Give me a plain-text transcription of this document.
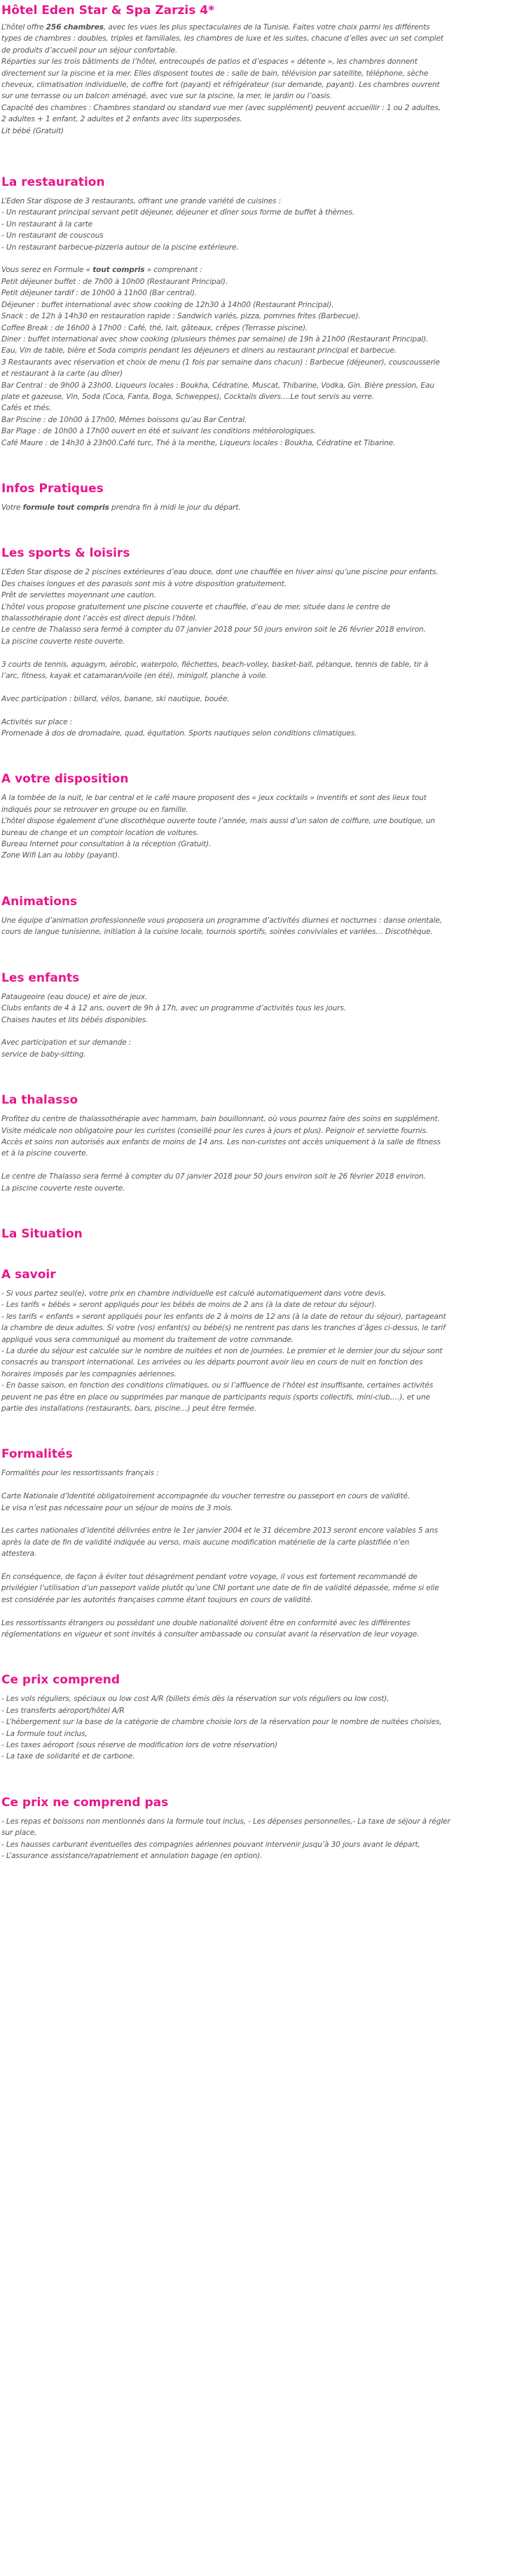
Hôtel Eden Star & Spa Zarzis 4*

L’hôtel offre 256 chambres, avec les vues les plus spectaculaires de la Tunisie. Faites votre choix parmi les différents

types de chambres : doubles, triples et familiales, les chambres de luxe et les suites, chacune d’elles avec un set complet

de produits d’accueil pour un séjour confortable.

Réparties sur les trois bâtiments de l’hôtel, entrecoupés de patios et d’espaces « détente », les chambres donnent

directement sur la piscine et la mer. Elles disposent toutes de : salle de bain, télévision par satellite, téléphone, sèche

cheveux, climatisation individuelle, de coffre fort (payant) et réfrigérateur (sur demande, payant). Les chambres ouvrent

sur une terrasse ou un balcon aménagé, avec vue sur la piscine, la mer, le jardin ou l’oasis.

Capacité des chambres : Chambres standard ou standard vue mer (avec supplément) peuvent accueillir : 1 ou 2 adultes,

2 adultes + 1 enfant, 2 adultes et 2 enfants avec lits superposées.

Lit bébé (Gratuit)

La restauration

L’Eden Star dispose de 3 restaurants, offrant une grande variété de cuisines :

- Un restaurant principal servant petit déjeuner, déjeuner et dîner sous forme de buffet à thèmes.

- Un restaurant à la carte

- Un restaurant de couscous

- Un restaurant barbecue-pizzeria autour de la piscine extérieure.

Vous serez en Formule « tout compris » comprenant :

Petit déjeuner buffet : de 7h00 à 10h00 (Restaurant Principal).

Petit déjeuner tardif : de 10h00 à 11h00 (Bar central).

Déjeuner : buffet international avec show cooking de 12h30 à 14h00 (Restaurant Principal).

Snack : de 12h à 14h30 en restauration rapide : Sandwich variés, pizza, pommes frites (Barbecue).

Coffee Break : de 16h00 à 17h00 : Café, thé, lait, gâteaux, crêpes (Terrasse piscine).

Diner : buffet international avec show cooking (plusieurs thèmes par semaine) de 19h à 21h00 (Restaurant Principal).

Eau, Vin de table, bière et Soda compris pendant les déjeuners et diners au restaurant principal et barbecue.

3 Restaurants avec réservation et choix de menu (1 fois par semaine dans chacun) : Barbecue (déjeuner), couscousserie

et restaurant à la carte (au dîner)

Bar Central : de 9h00 à 23h00. Liqueurs locales : Boukha, Cédratine, Muscat, Thibarine, Vodka, Gin. Bière pression, Eau

plate et gazeuse, Vin, Soda (Coca, Fanta, Boga, Schweppes), Cocktails divers….Le tout servis au verre.

Cafés et thés.

Bar Piscine : de 10h00 à 17h00, Mêmes boissons qu’au Bar Central.

Bar Plage : de 10h00 à 17h00 ouvert en été et suivant les conditions météorologiques.

Café Maure : de 14h30 à 23h00.Café turc, Thé à la menthe, Liqueurs locales : Boukha, Cédratine et Tibarine.

Infos Pratiques

Votre formule tout compris prendra fin à midi le jour du départ.

Les sports & loisirs

L’Eden Star dispose de 2 piscines extérieures d’eau douce, dont une chauffée en hiver ainsi qu’une piscine pour enfants.

Des chaises longues et des parasols sont mis à votre disposition gratuitement.

Prêt de serviettes moyennant une caution.

L’hôtel vous propose gratuitement une piscine couverte et chauffée, d’eau de mer, située dans le centre de

thalassothérapie dont l’accès est direct depuis l’hôtel.

Le centre de Thalasso sera fermé à compter du 07 janvier 2018 pour 50 jours environ soit le 26 février 2018 environ.

La piscine couverte reste ouverte.

3 courts de tennis, aquagym, aérobic, waterpolo, fléchettes, beach-volley, basket-ball, pétanque, tennis de table, tir à

l’arc, fitness, kayak et catamaran/voile (en été), minigolf, planche à voile.

Avec participation : billard, vélos, banane, ski nautique, bouée.

Activités sur place :

Promenade à dos de dromadaire, quad, équitation. Sports nautiques selon conditions climatiques.

A votre disposition

A la tombée de la nuit, le bar central et le café maure proposent des « jeux cocktails » inventifs et sont des lieux tout

indiqués pour se retrouver en groupe ou en famille.

L’hôtel dispose également d’une discothèque ouverte toute l’année, mais aussi d’un salon de coiffure, une boutique, un

bureau de change et un comptoir location de voitures.

Bureau Internet pour consultation à la réception (Gratuit).

Zone Wifi Lan au lobby (payant).

Animations

Une équipe d’animation professionnelle vous proposera un programme d’activités diurnes et nocturnes : danse orientale,

cours de langue tunisienne, initiation à la cuisine locale, tournois sportifs, soirées conviviales et variées… Discothèque.

Les enfants

Pataugeoire (eau douce) et aire de jeux.

Clubs enfants de 4 à 12 ans, ouvert de 9h à 17h, avec un programme d’activités tous les jours.

Chaises hautes et lits bébés disponibles.

Avec participation et sur demande :

service de baby-sitting.

La thalasso

Profitez du centre de thalassothérapie avec hammam, bain bouillonnant, où vous pourrez faire des soins en supplément.

Visite médicale non obligatoire pour les curistes (conseillé pour les cures à jours et plus). Peignoir et serviette fournis.

Accès et soins non autorisés aux enfants de moins de 14 ans. Les non-curistes ont accès uniquement à la salle de fitness

et à la piscine couverte.

Le centre de Thalasso sera fermé à compter du 07 janvier 2018 pour 50 jours environ soit le 26 février 2018 environ.

La piscine couverte reste ouverte.

La Situation
A savoir

- Si vous partez seul(e), votre prix en chambre individuelle est calculé automatiquement dans votre devis.

- Les tarifs « bébés » seront appliqués pour les bébés de moins de 2 ans (à la date de retour du séjour).

- les tarifs « enfants » seront appliqués pour les enfants de 2 à moins de 12 ans (à la date de retour du séjour), partageant

la chambre de deux adultes. Si votre (vos) enfant(s) ou bébé(s) ne rentrent pas dans les tranches d’âges ci-dessus, le tarif

appliqué vous sera communiqué au moment du traitement de votre commande.

- La durée du séjour est calculée sur le nombre de nuitées et non de journées. Le premier et le dernier jour du séjour sont

consacrés au transport international. Les arrivées ou les départs pourront avoir lieu en cours de nuit en fonction des

horaires imposés par les compagnies aériennes.

- En basse saison, en fonction des conditions climatiques, ou si l’affluence de l’hôtel est insuffisante, certaines activités

peuvent ne pas être en place ou supprimées par manque de participants requis (sports collectifs, mini-club,…), et une

partie des installations (restaurants, bars, piscine…) peut être fermée.

Formalités

Formalités pour les ressortissants français :

Carte Nationale d’Identité obligatoirement accompagnée du voucher terrestre ou passeport en cours de validité.

Le visa n’est pas nécessaire pour un séjour de moins de 3 mois.

Les cartes nationales d’identité délivrées entre le 1er janvier 2004 et le 31 décembre 2013 seront encore valables 5 ans

après la date de fin de validité indiquée au verso, mais aucune modification matérielle de la carte plastifiée n’en

attestera.

En conséquence, de façon à éviter tout désagrément pendant votre voyage, il vous est fortement recommandé de

privilégier l’utilisation d’un passeport valide plutôt qu’une CNI portant une date de fin de validité dépassée, même si elle

est considérée par les autorités françaises comme étant toujours en cours de validité.

Les ressortissants étrangers ou possédant une double nationalité doivent être en conformité avec les différentes

réglementations en vigueur et sont invités à consulter ambassade ou consulat avant la réservation de leur voyage.

Ce prix comprend

- Les vols réguliers, spéciaux ou low cost A/R (billets émis dès la réservation sur vols réguliers ou low cost),

- Les transferts aéroport/hôtel A/R

- L’hébergement sur la base de la catégorie de chambre choisie lors de la réservation pour le nombre de nuitées choisies,

- La formule tout inclus,

- Les taxes aéroport (sous réserve de modification lors de votre réservation)

- La taxe de solidarité et de carbone.

Ce prix ne comprend pas

- Les repas et boissons non mentionnés dans la formule tout inclus, - Les dépenses personnelles,- La taxe de séjour à régler

sur place,

- Les hausses carburant éventuelles des compagnies aériennes pouvant intervenir jusqu’à 30 jours avant le départ,

- L’assurance assistance/rapatriement et annulation bagage (en option).
